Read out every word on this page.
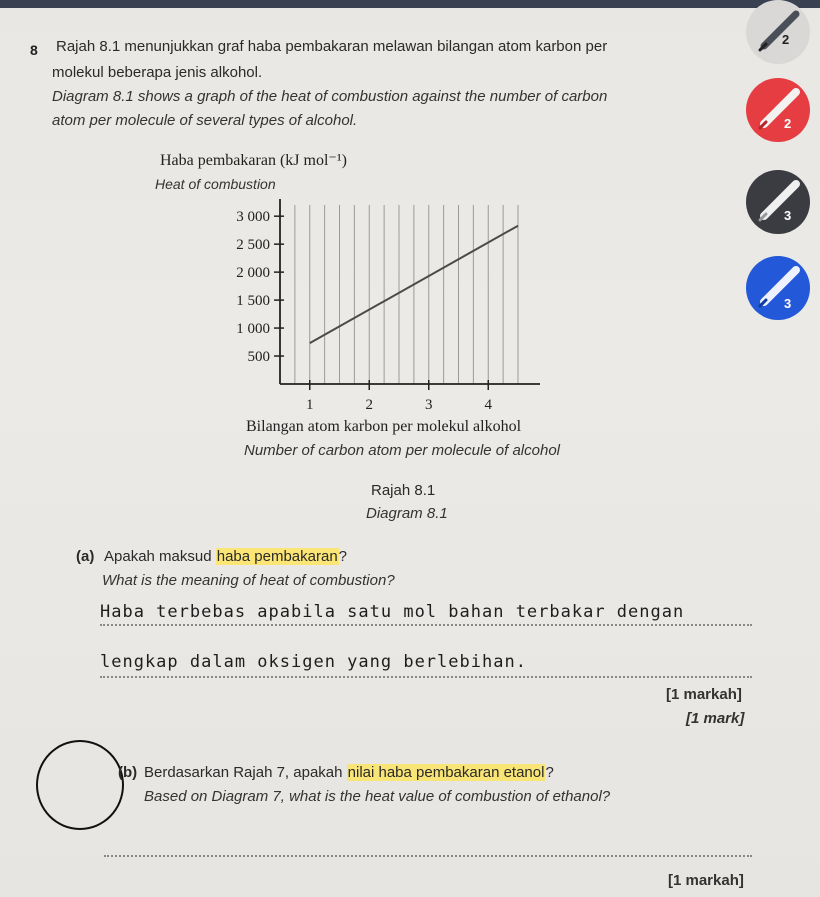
8 Rajah 8.1 menunjukkan graf haba pembakaran melawan bilangan atom karbon per
molekul beberapa jenis alkohol.
Diagram 8.1 shows a graph of the heat of combustion against the number of carbon
atom per molecule of several types of alcohol.
Haba pembakaran (kJ mol⁻¹)
Heat of combustion
500
1 000
1 500
2 000
2 500
3 000
1	2	3	4
Bilangan atom karbon per molekul alkohol
Number of carbon atom per molecule of alcohol
Rajah 8.1
Diagram 8.1
(a) Apakah maksud haba pembakaran?
What is the meaning of heat of combustion?
Haba terbebas apabila satu mol bahan terbakar dengan
lengkap dalam oksigen yang berlebihan.
[1 markah]
[1 mark]
(b) Berdasarkan Rajah 7, apakah nilai haba pembakaran etanol?
Based on Diagram 7, what is the heat value of combustion of ethanol?
[1 markah]
2
2
3
3
